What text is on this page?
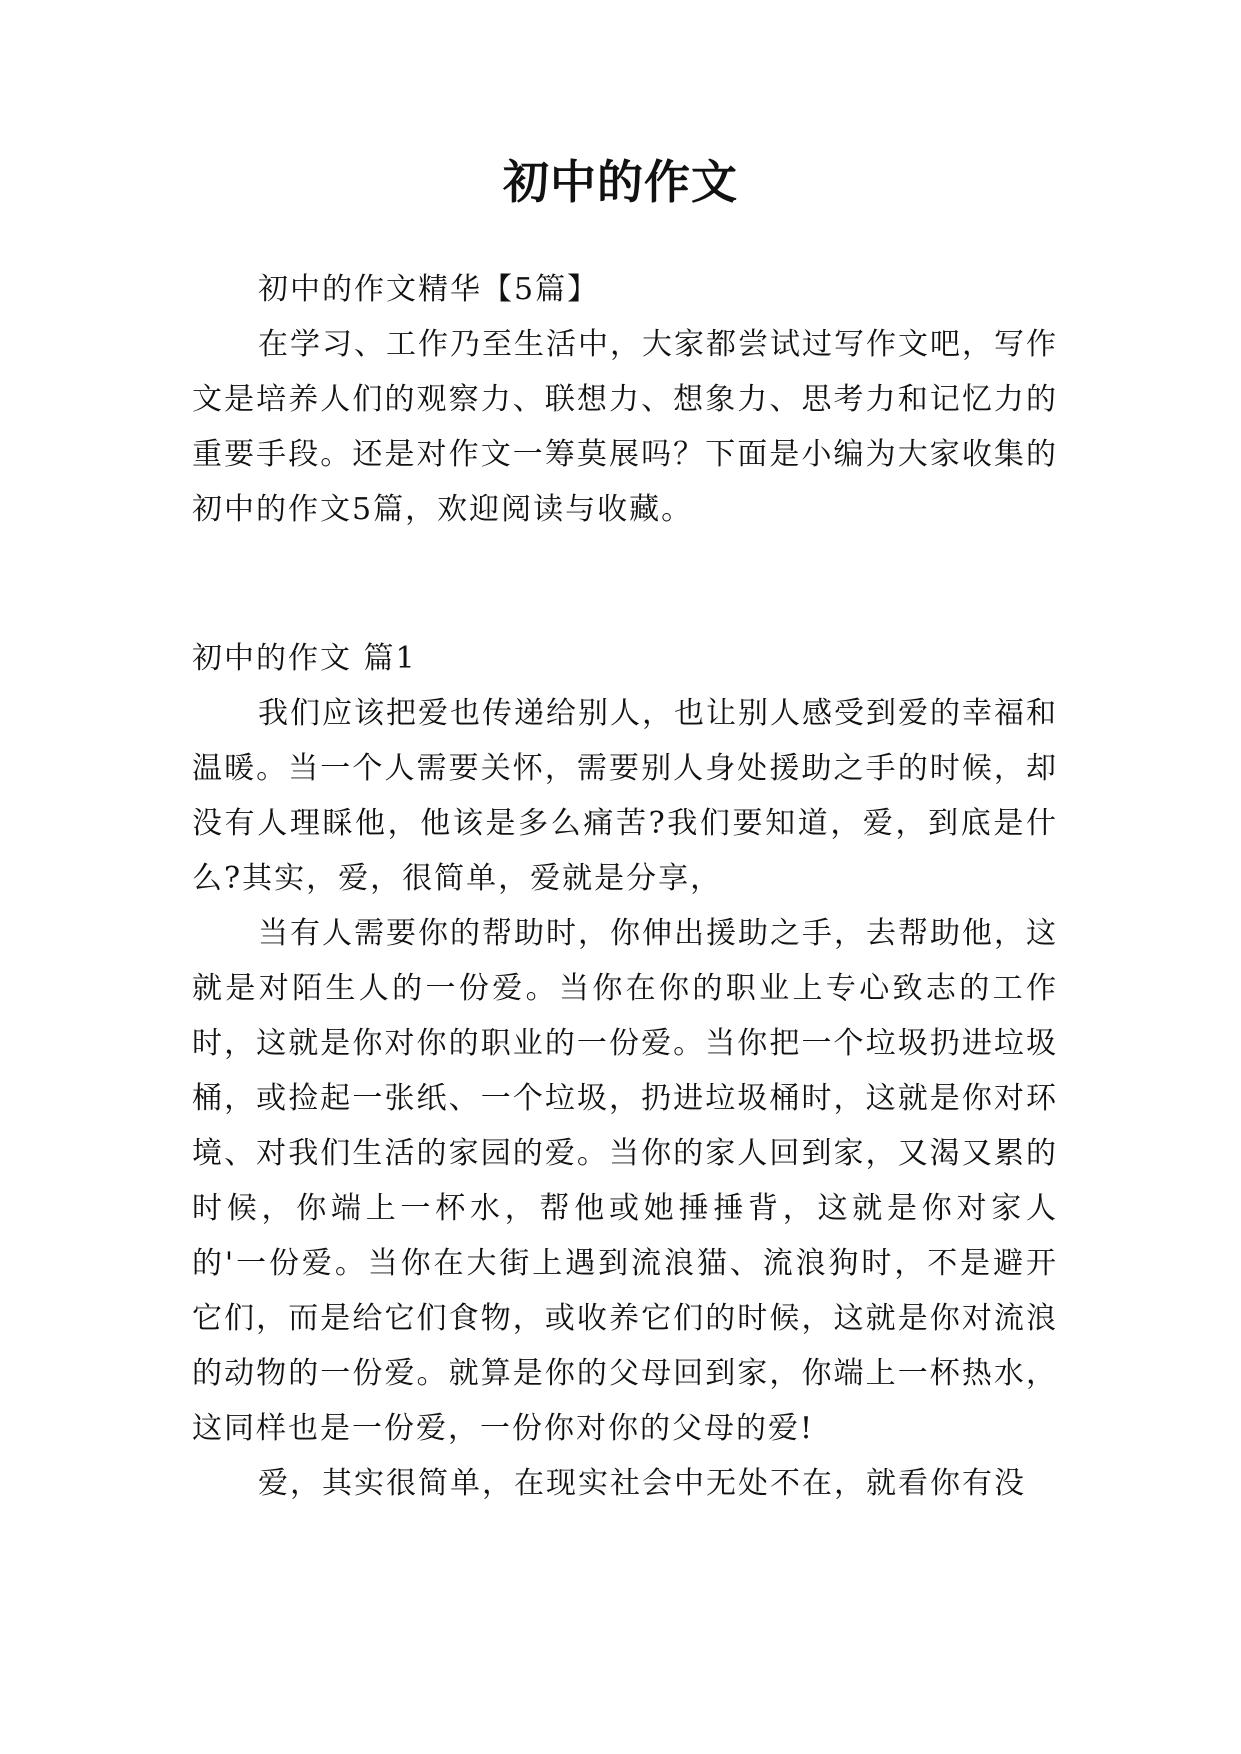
初中的作文

初中的作文精华【5篇】

在学习、工作乃至生活中，大家都尝试过写作文吧，写作文是培养人们的观察力、联想力、想象力、思考力和记忆力的重要手段。还是对作文一筹莫展吗？下面是小编为大家收集的初中的作文5篇，欢迎阅读与收藏。

初中的作文 篇1

我们应该把爱也传递给别人，也让别人感受到爱的幸福和温暖。当一个人需要关怀，需要别人身处援助之手的时候，却没有人理睬他，他该是多么痛苦?我们要知道，爱，到底是什么?其实，爱，很简单，爱就是分享，

当有人需要你的帮助时，你伸出援助之手，去帮助他，这就是对陌生人的一份爱。当你在你的职业上专心致志的工作时，这就是你对你的职业的一份爱。当你把一个垃圾扔进垃圾桶，或捡起一张纸、一个垃圾，扔进垃圾桶时，这就是你对环境、对我们生活的家园的爱。当你的家人回到家，又渴又累的时候，你端上一杯水，帮他或她捶捶背，这就是你对家人的'一份爱。当你在大街上遇到流浪猫、流浪狗时，不是避开它们，而是给它们食物，或收养它们的时候，这就是你对流浪的动物的一份爱。就算是你的父母回到家，你端上一杯热水，这同样也是一份爱，一份你对你的父母的爱!

爱，其实很简单，在现实社会中无处不在，就看你有没
